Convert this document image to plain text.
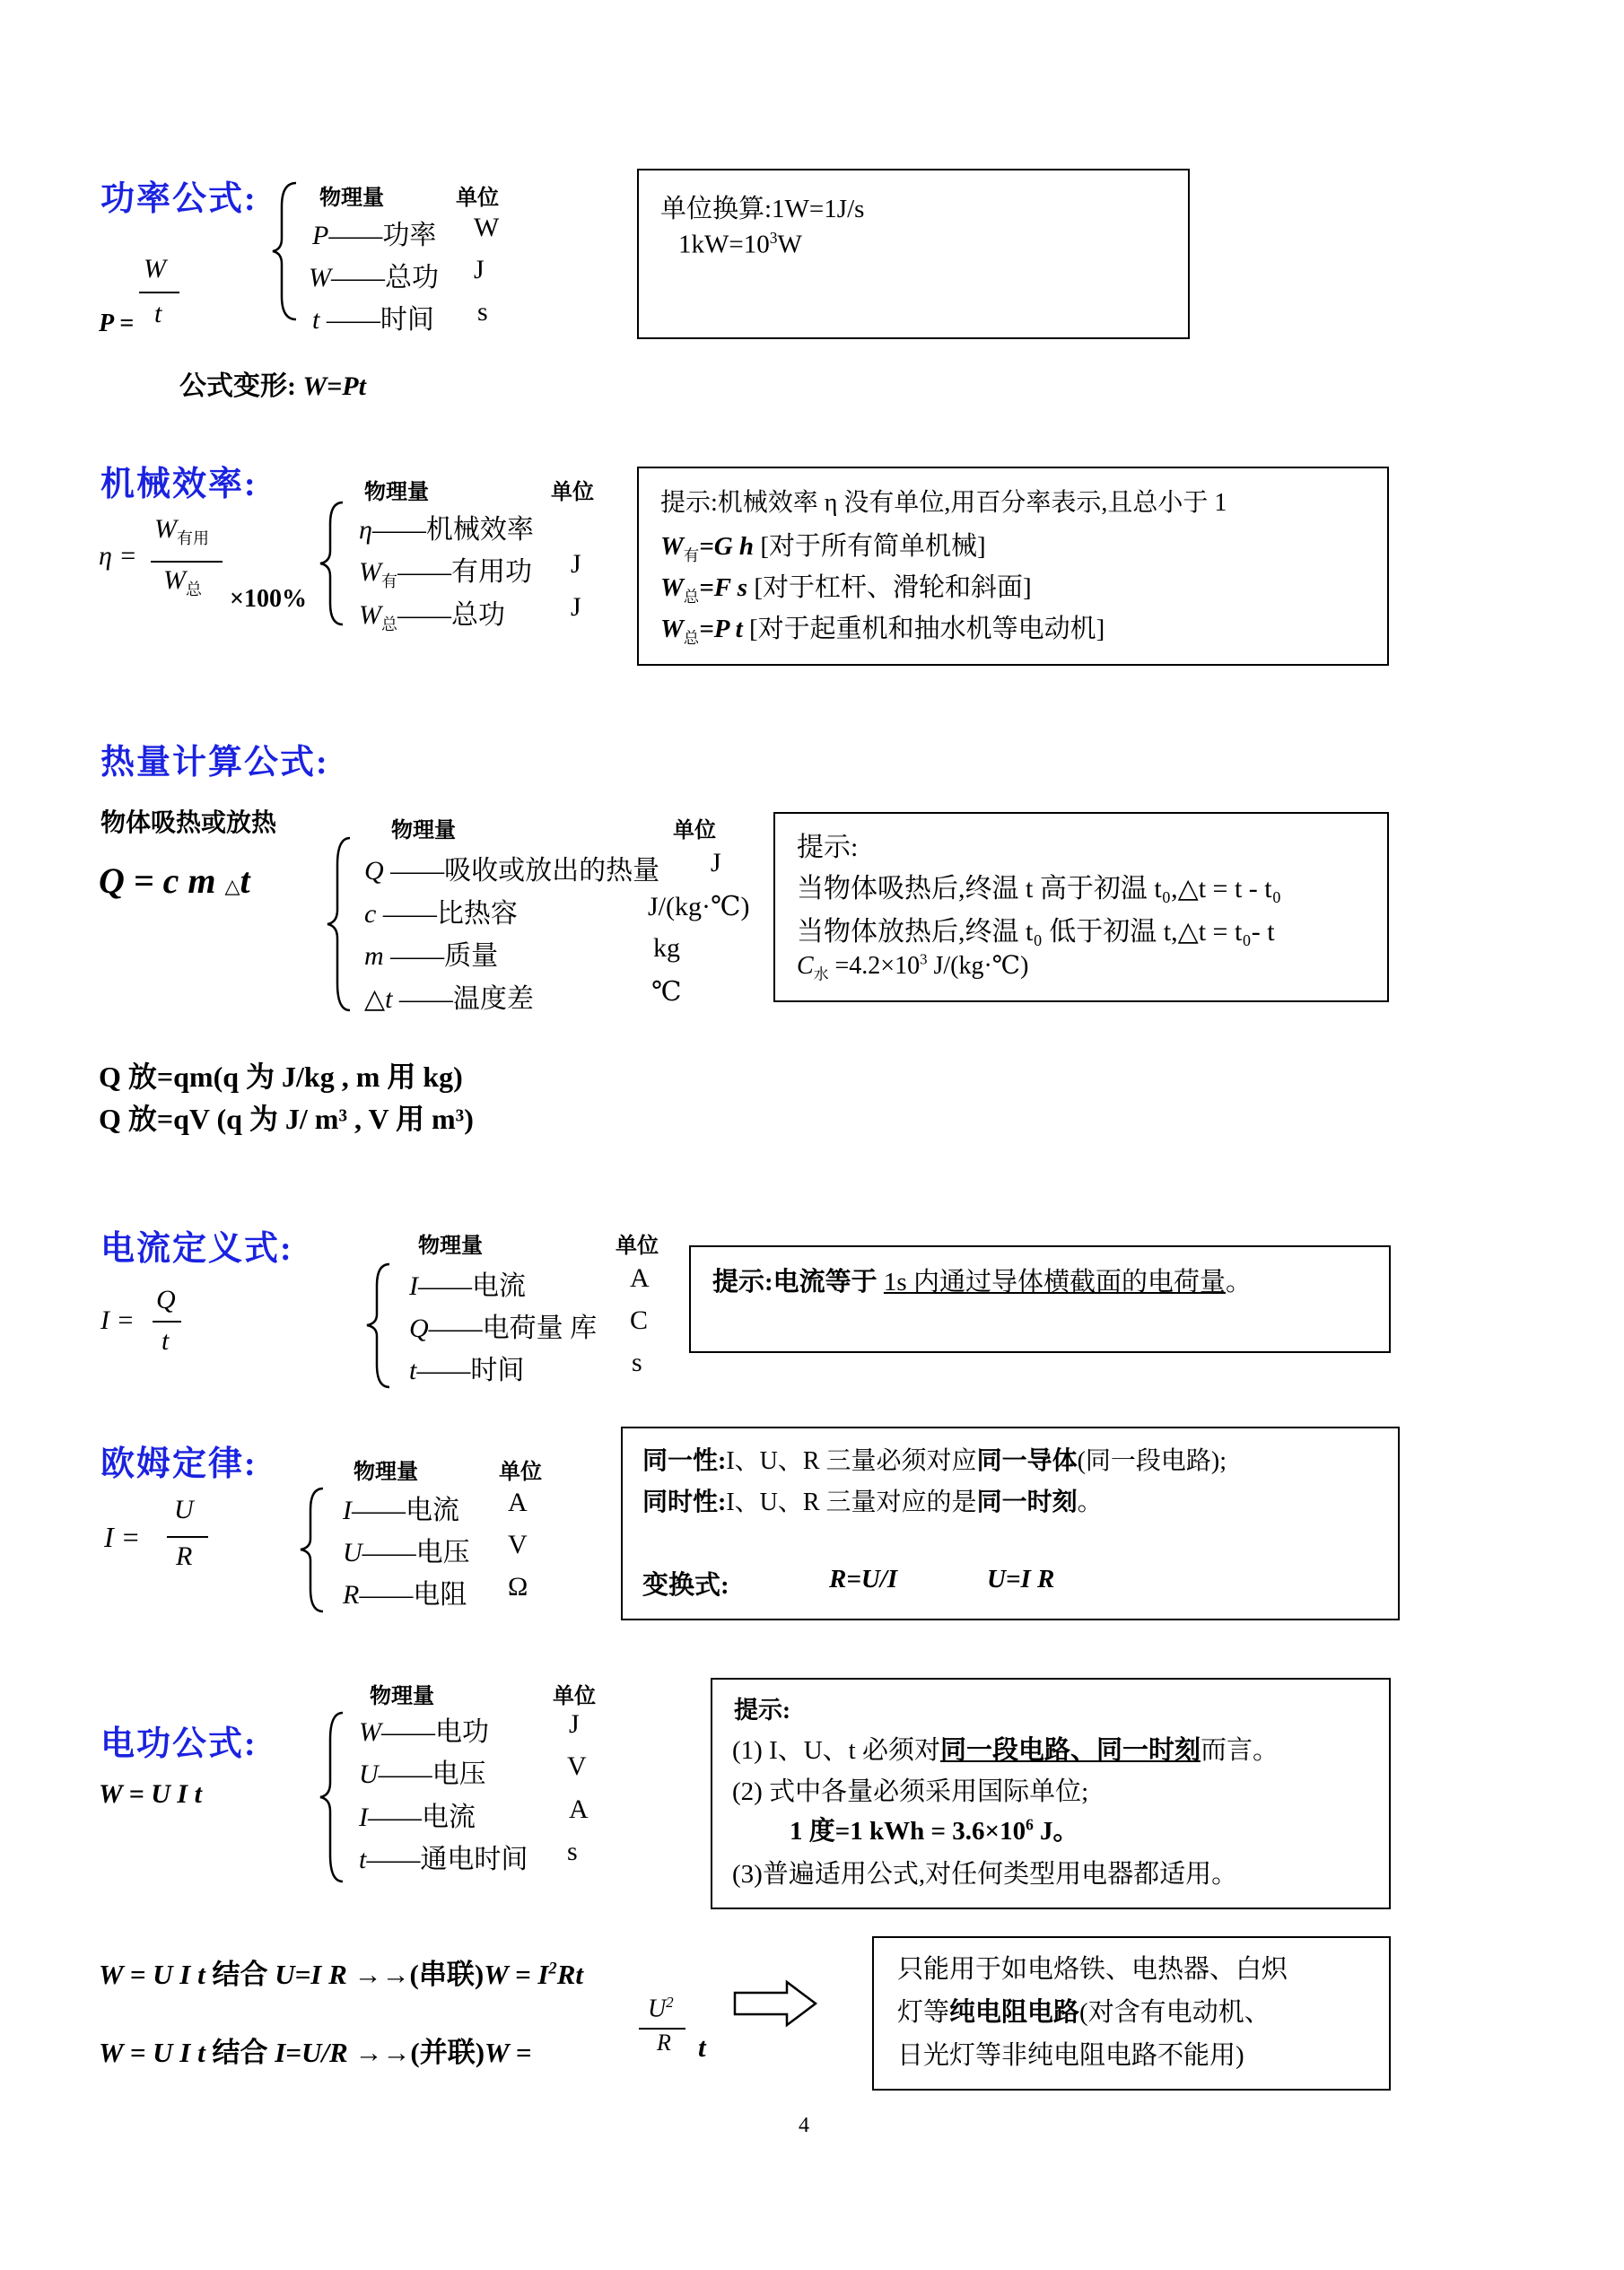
功率公式:	物理量	单位
P =
W
t
P——功率 W
W——总功 J
t ——时间 s
公式变形: W=Pt
单位换算:1W=1J/s
$1kW=10^3W$
机械效率:	物理量	单位
η =
$W_{有用}$
$W_总 \times 100\%$
η——机械效率
$W_有——$有用功 J
$W_总——$总功 J
提示:机械效率 η 没有单位,用百分率表示,且总小于 1
$W_有=G$ h [对于所有简单机械]
$W_总=F$ s [对于杠杆、滑轮和斜面]
$W_总=P$ t [对于起重机和抽水机等电动机]
热量计算公式:
物体吸热或放热
Q = c m △t
物理量	单位
Q ——吸收或放出的热量 J
c ——比热容	J/(kg·℃)
m ——质量	kg
△t ——温度差	℃
提示:
当物体吸热后,终温 t 高于初温 t₀,△t = t - t₀
当物体放热后,终温 t₀ 低于初温 t,△t = t₀- t
$C_水 =4.2\times 10^3$ J/(kg·℃)
Q 放=qm(q 为 J/kg , m 用 kg)
Q 放=qV (q 为 J/ m³ , V 用 m³)
电流定义式:	物理量	单位
I =
Q
t
I——电流	A
Q——电荷量 库 C
t——时间	s
提示:电流等于 1s 内通过导体横截面的电荷量。
欧姆定律:	物理量	单位
I =
U
R
I——电流 A
U——电压 V
R——电阻 Ω
同一性:I、U、R 三量必须对应同一导体(同一段电路);
同时性:I、U、R 三量对应的是同一时刻。
变换式:	R=U/I	U=I R
物理量	单位
电功公式:
W = U I t
W——电功	J
U——电压	V
I——电流	A
t——通电时间 s
提示:
(1) I、U、t 必须对同一段电路、同一时刻而言。
(2) 式中各量必须采用国际单位;
1 度=1 kWh = $3.6\times 10^6$ J。
(3)普遍适用公式,对任何类型用电器都适用。
W = U I t 结合 U=I R →→(串联)$W = I^2Rt$
W = U I t 结合 I=U/R →→(并联)W =
$U^2$
R t
只能用于如电烙铁、电热器、白炽
灯等纯电阻电路(对含有电动机、
日光灯等非纯电阻电路不能用)
4
